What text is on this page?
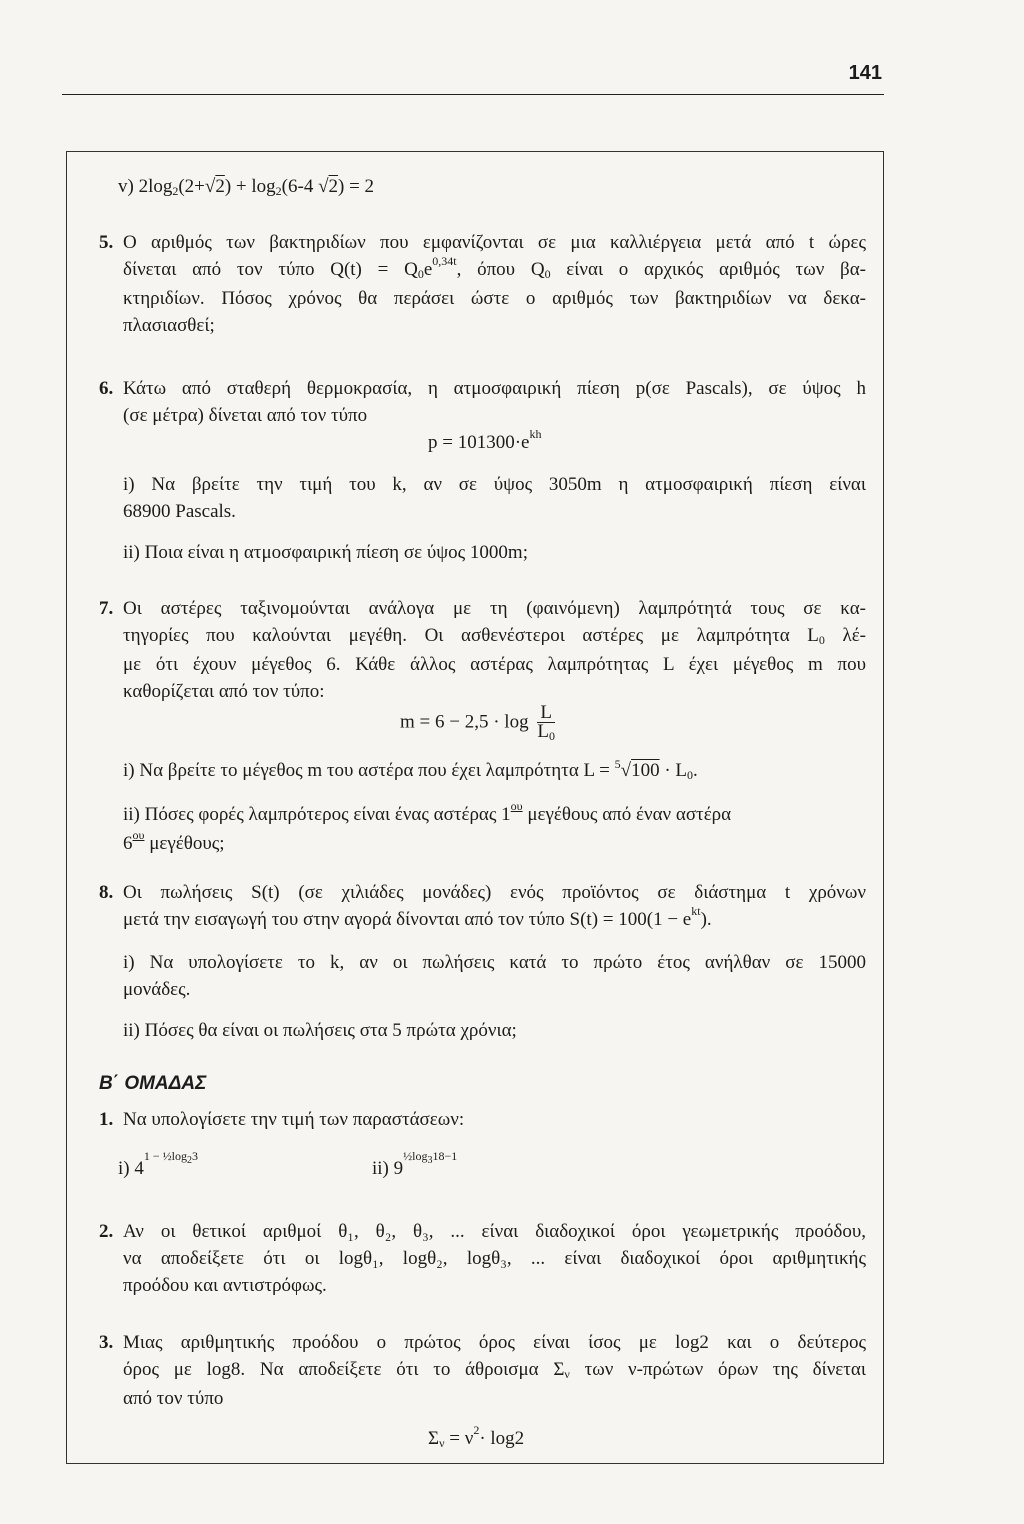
141
v) 2log2(2+√2) + log2(6-4 √2) = 2
5. Ο αριθμός των βακτηριδίων που εμφανίζονται σε μια καλλιέργεια μετά από t ώρες
δίνεται από τον τύπο $Q(t) = Q0e^{0,34t}$, όπου Q0 είναι ο αρχικός αριθμός των βα-
κτηριδίων. Πόσος χρόνος θα περάσει ώστε ο αριθμός των βακτηριδίων να δεκα-
πλασιασθεί;
6. Κάτω από σταθερή θερμοκρασία, η ατμοσφαιρική πίεση p(σε Pascals), σε ύψος h
(σε μέτρα) δίνεται από τον τύπο
$p = 101300\cdot e^{kh}$
i) Να βρείτε την τιμή του k, αν σε ύψος 3050m η ατμοσφαιρική πίεση είναι
68900 Pascals.
ii) Ποια είναι η ατμοσφαιρική πίεση σε ύψος 1000m;
7. Οι αστέρες ταξινομούνται ανάλογα με τη (φαινόμενη) λαμπρότητά τους σε κα-
τηγορίες που καλούνται μεγέθη. Οι ασθενέστεροι αστέρες με λαμπρότητα L0 λέ-
με ότι έχουν μέγεθος 6. Κάθε άλλος αστέρας λαμπρότητας L έχει μέγεθος m που
καθορίζεται από τον τύπο:
$m = 6 - 2,5 \cdot \log \frac{L}{L0}$
i) Να βρείτε το μέγεθος m του αστέρα που έχει λαμπρότητα L = $^5$√100 · L0.
ii) Πόσες φορές λαμπρότερος είναι ένας αστέρας $1^{o\upsilon}$ μεγέθους από έναν αστέρα
$6^{o\upsilon}$ μεγέθους;
8. Οι πωλήσεις S(t) (σε χιλιάδες μονάδες) ενός προϊόντος σε διάστημα t χρόνων
μετά την εισαγωγή του στην αγορά δίνονται από τον τύπο $S(t) = 100(1 - e^{kt})$.
i) Να υπολογίσετε το k, αν οι πωλήσεις κατά το πρώτο έτος ανήλθαν σε 15000
μονάδες.
ii) Πόσες θα είναι οι πωλήσεις στα 5 πρώτα χρόνια;
Β΄ ΟΜΑΔΑΣ
1. Να υπολογίσετε την τιμή των παραστάσεων:
i) $4^{1 - \frac{1}{2}log_23}$
ii) $9^{\frac{1}{2}log_318-1}$
2. Αν οι θετικοί αριθμοί θ₁, θ₂, θ₃, ... είναι διαδοχικοί όροι γεωμετρικής προόδου,
να αποδείξετε ότι οι logθ₁, logθ₂, logθ₃, ... είναι διαδοχικοί όροι αριθμητικής
προόδου και αντιστρόφως.
3. Μιας αριθμητικής προόδου ο πρώτος όρος είναι ίσος με log2 και ο δεύτερος
όρος με log8. Να αποδείξετε ότι το άθροισμα Σν των ν-πρώτων όρων της δίνεται
από τον τύπο
$\Sigma\nu = \nu^2\cdot \log 2$
